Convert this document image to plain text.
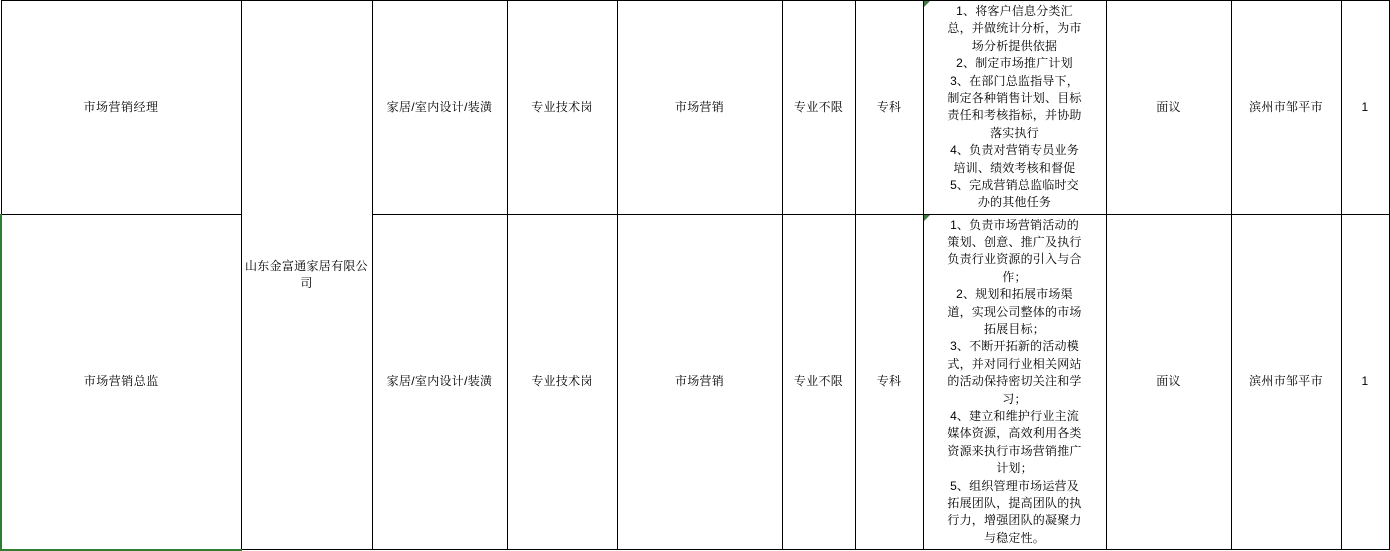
市场营销经理	山东金富通家居有限公司	家居/室内设计/装潢	专业技术岗	市场营销	专业不限	专科	
1、将客户信息分类汇
总，并做统计分析，为市
场分析提供依据
2、制定市场推广计划
3、在部门总监指导下，
制定各种销售计划、目标
责任和考核指标，并协助
落实执行
4、负责对营销专员业务
培训、绩效考核和督促
5、完成营销总监临时交
办的其他任务
	面议	滨州市邹平市	1
市场营销总监	家居/室内设计/装潢	专业技术岗	市场营销	专业不限	专科	
1、负责市场营销活动的
策划、创意、推广及执行
负责行业资源的引入与合
作；
2、规划和拓展市场渠
道，实现公司整体的市场
拓展目标；
3、不断开拓新的活动模
式，并对同行业相关网站
的活动保持密切关注和学
习；
4、建立和维护行业主流
媒体资源，高效利用各类
资源来执行市场营销推广
计划；
5、组织管理市场运营及
拓展团队，提高团队的执
行力，增强团队的凝聚力
与稳定性。
	面议	滨州市邹平市	1
